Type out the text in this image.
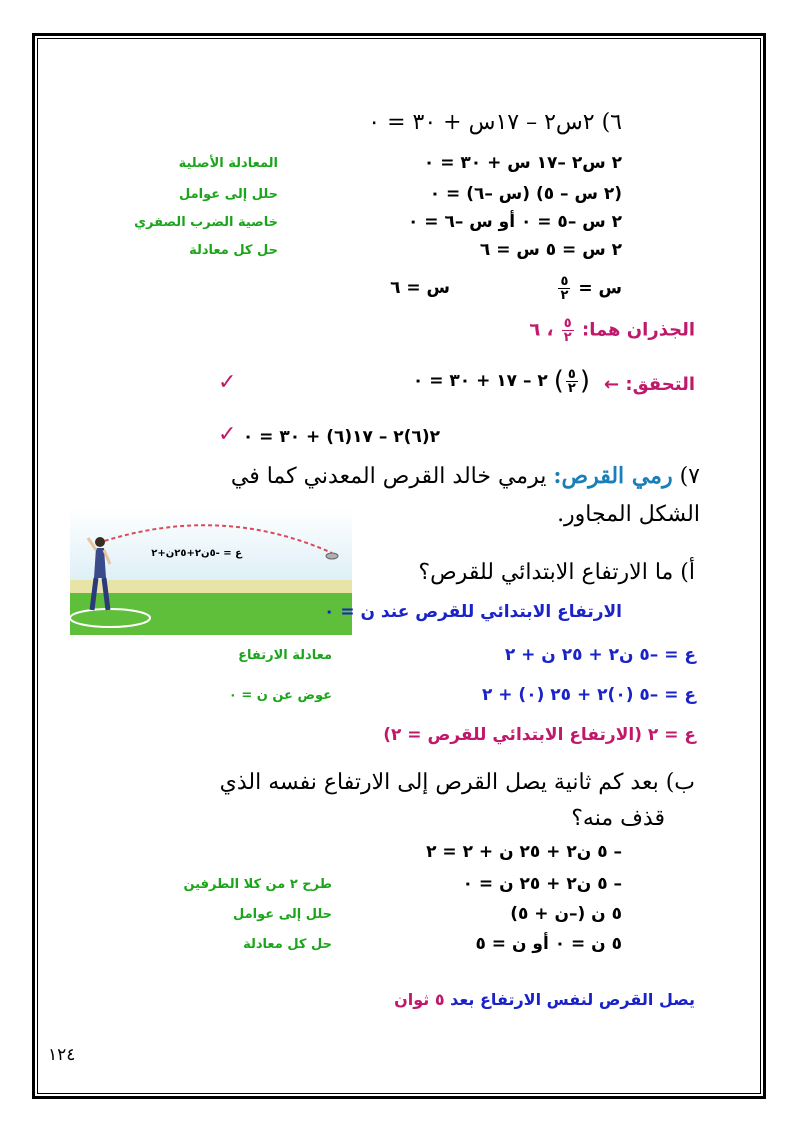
٦) ٢س٢ – ١٧س + ٣٠ = ٠
٢ س٢ –١٧ س + ٣٠ = ٠
المعادلة الأصلية
(٢ س – ٥) (س –٦) = ٠
حلل إلى عوامل
٢ س –٥ = ٠ أو س –٦ = ٠
خاصية الضرب الصفري
٢ س = ٥ س = ٦
حل كل معادلة
س =
$\frac{٥}{٢}$
س = ٦
الجذران هما:
$\frac{٥}{٢}$
، ٦
التحقق: ←
(
$\frac{٥}{٢}$
) ٢ – ١٧ + ٣٠ = ٠
✓
٢(٦)٢ – ١٧(٦) + ٣٠ = ٠
✓
٧) رمي القرص: يرمي خالد القرص المعدني كما في
الشكل المجاور.
ع = -٥ن٢+٢٥ن+٢
أ) ما الارتفاع الابتدائي للقرص؟
الارتفاع الابتدائي للقرص عند ن = ٠
ع = –٥ ن٢ + ٢٥ ن + ٢
معادلة الارتفاع
ع = –٥ (٠)٢ + ٢٥ (٠) + ٢
عوض عن ن = ٠
ع = ٢ (الارتفاع الابتدائي للقرص = ٢)
ب) بعد كم ثانية يصل القرص إلى الارتفاع نفسه الذي
قذف منه؟
– ٥ ن٢ + ٢٥ ن + ٢ = ٢
– ٥ ن٢ + ٢٥ ن = ٠
طرح ٢ من كلا الطرفين
٥ ن (–ن + ٥)
حلل إلى عوامل
٥ ن = ٠ أو ن = ٥
حل كل معادلة
يصل القرص لنفس الارتفاع بعد ٥ ثوان
١٢٤
